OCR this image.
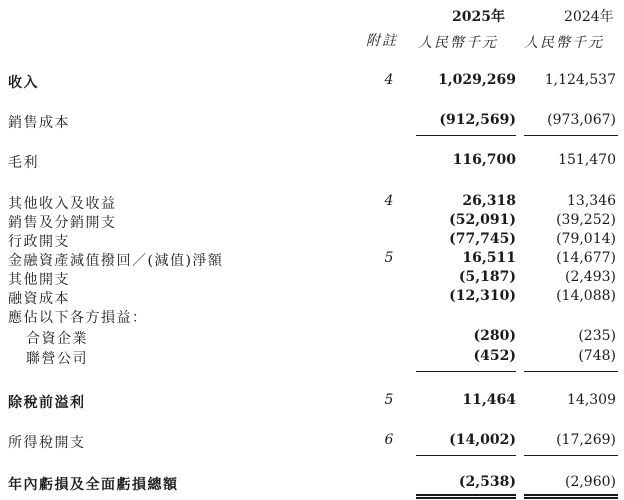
2025年	2024年
附註 人民幣千元 人民幣千元
收入	4	1,029,269 1,124,537
銷售成本	(912,569) (973,067)
毛利	116,700	151,470
其他收入及收益	4	26,318	13,346
銷售及分銷開支	(52,091)	(39,252)
行政開支	(77,745)	(79,014)
金融資產減值撥回／(減值)淨額	5	16,511	(14,677)
其他開支	(5,187)	(2,493)
融資成本	(12,310)	(14,088)
應佔以下各方損益：
合資企業	(280)	(235)
聯營公司	(452)	(748)
除稅前溢利	5	11,464	14,309
所得稅開支	6	(14,002)	(17,269)
年內虧損及全面虧損總額	(2,538)	(2,960)
